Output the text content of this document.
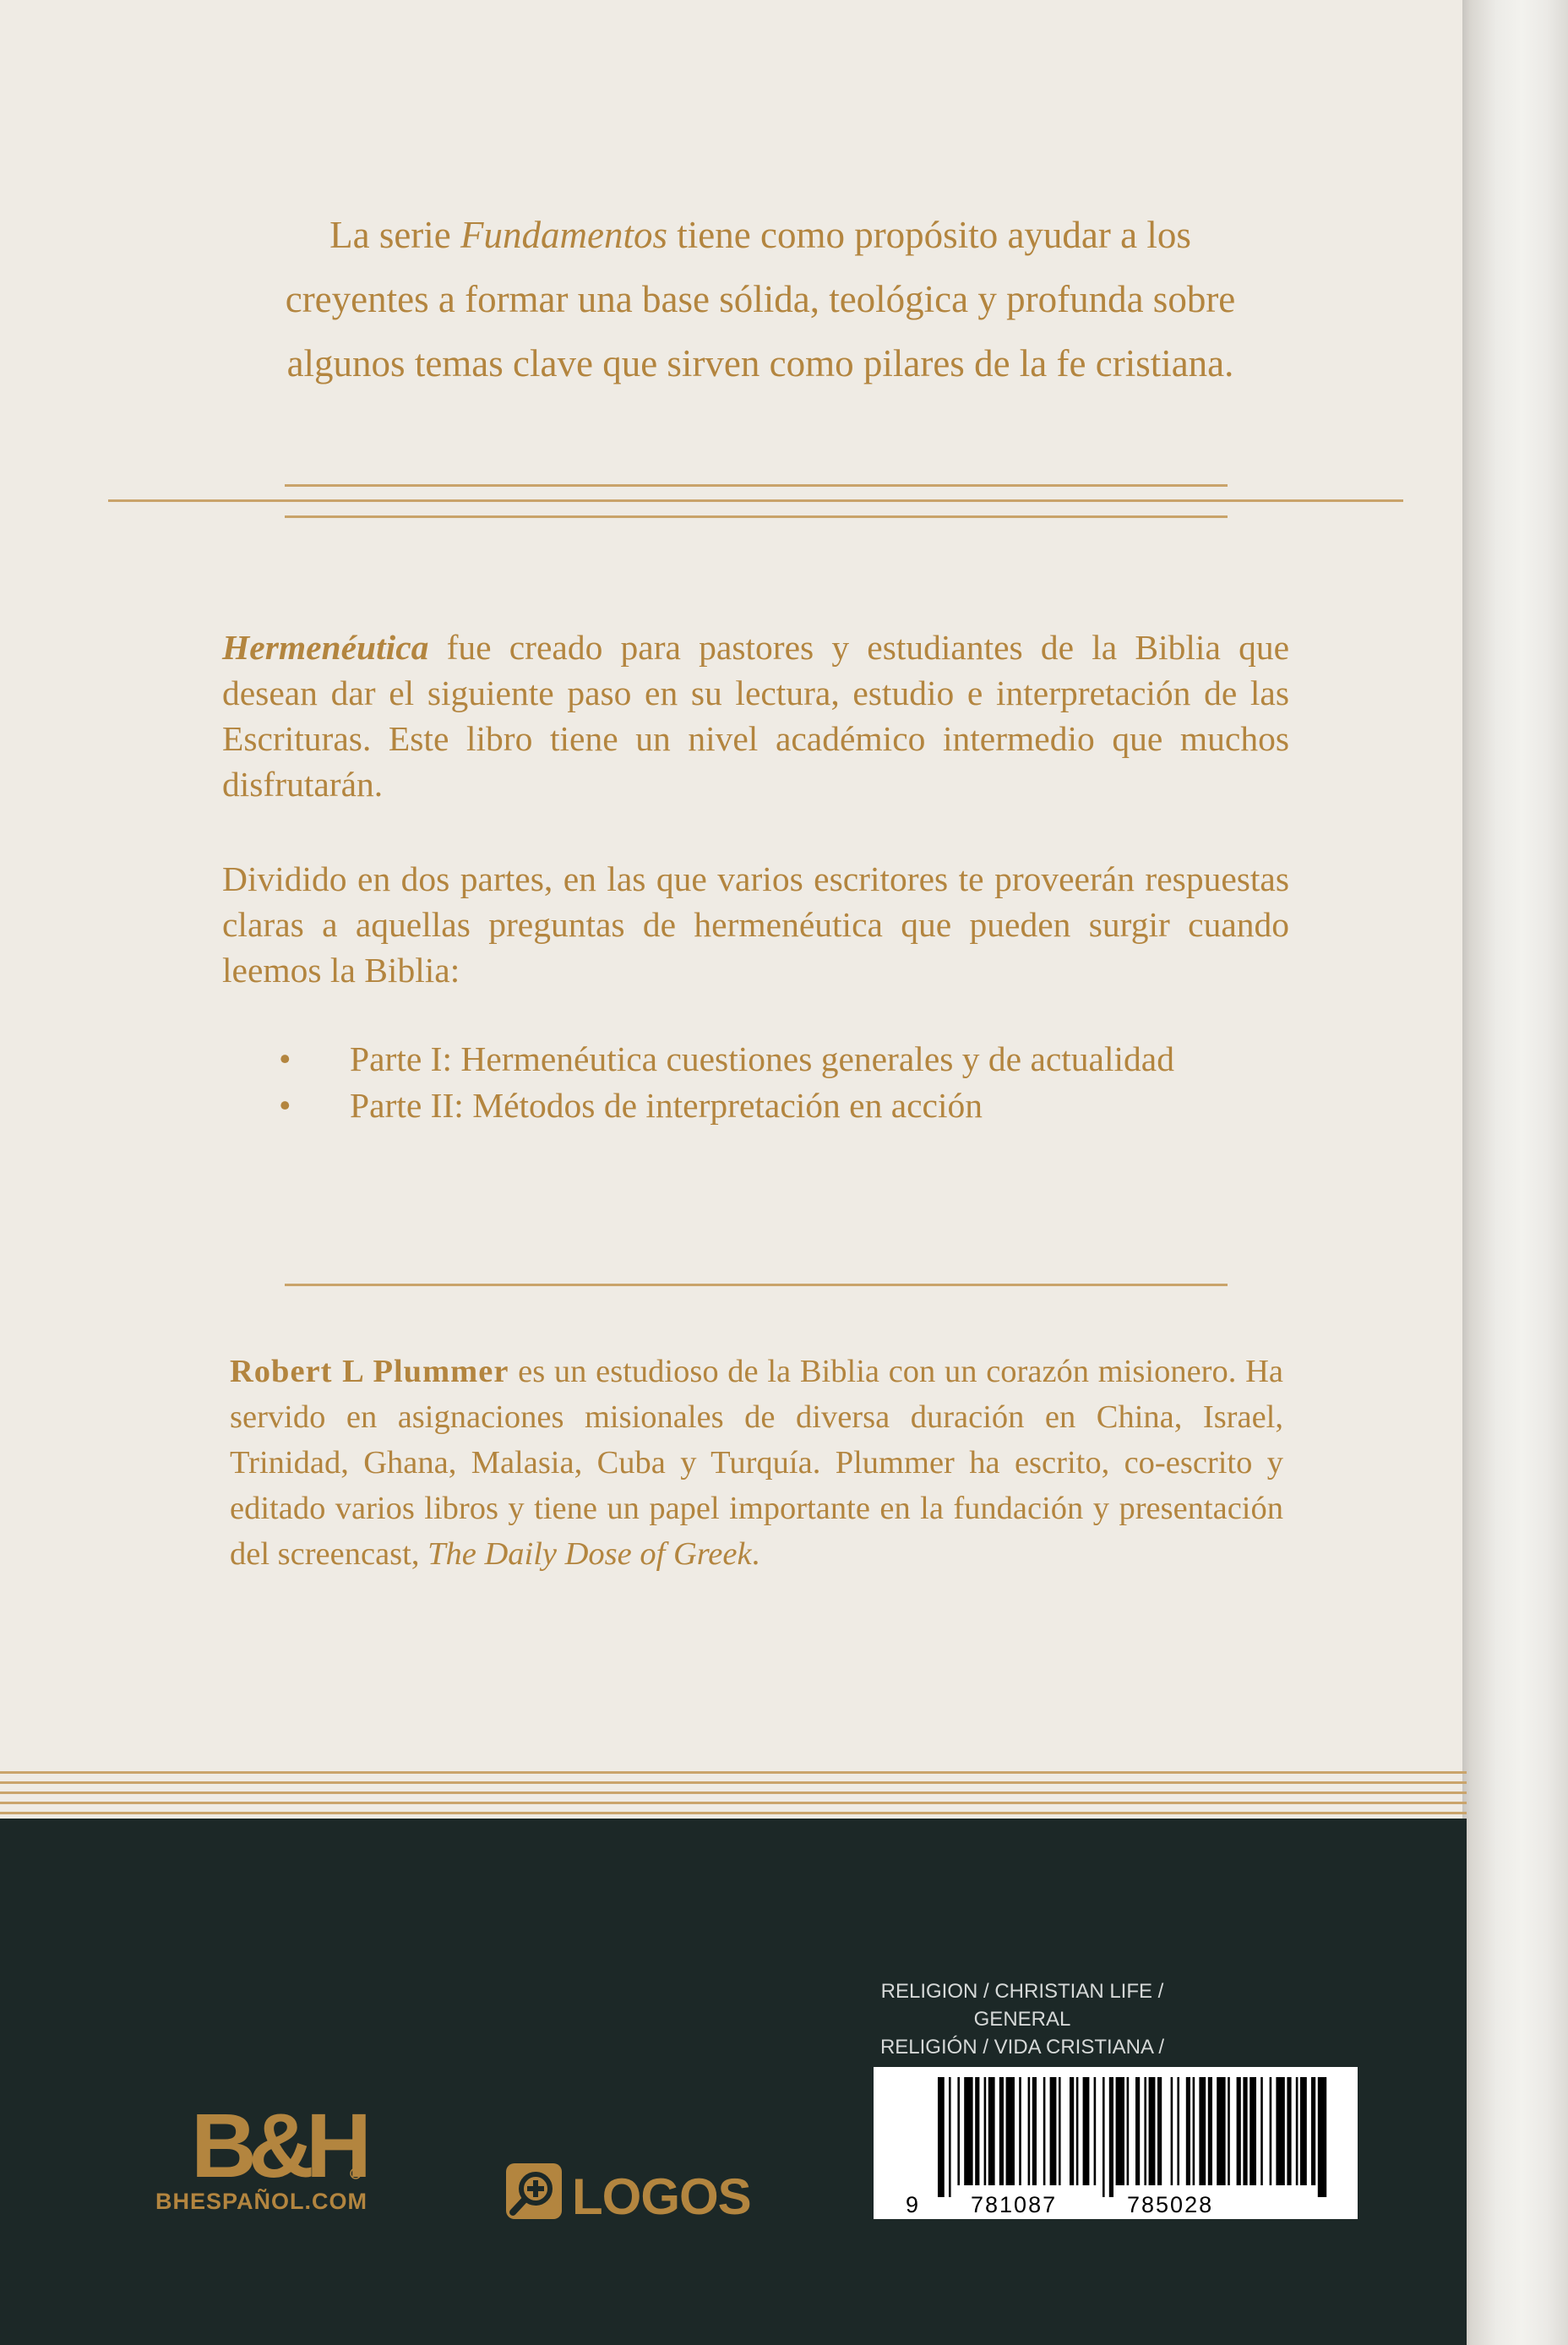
La serie Fundamentos tiene como propósito ayudar a los
creyentes a formar una base sólida, teológica y profunda sobre
algunos temas clave que sirven como pilares de la fe cristiana.

Hermenéutica fue creado para pastores y estudiantes de la Biblia que desean dar el siguiente paso en su lectura, estudio e interpretación de las Escrituras. Este libro tiene un nivel académico intermedio que muchos disfrutarán.

Dividido en dos partes, en las que varios escritores te proveerán respuestas claras a aquellas preguntas de hermenéutica que pueden surgir cuando leemos la Biblia:

•	Parte I: Hermenéutica cuestiones generales y de actualidad
•	Parte II: Métodos de interpretación en acción
Robert L Plummer es un estudioso de la Biblia con un corazón misionero. Ha servido en asignaciones misionales de diversa duración en China, Israel, Trinidad, Ghana, Malasia, Cuba y Turquía. Plummer ha escrito, co-escrito y editado varios libros y tiene un papel importante en la fundación y presentación del screencast, The Daily Dose of Greek.
RELIGION / CHRISTIAN LIFE / GENERAL
RELIGIÓN / VIDA CRISTIANA /
9 781087	785028
B&H
BHESPAÑOL.COM	LOGOS
